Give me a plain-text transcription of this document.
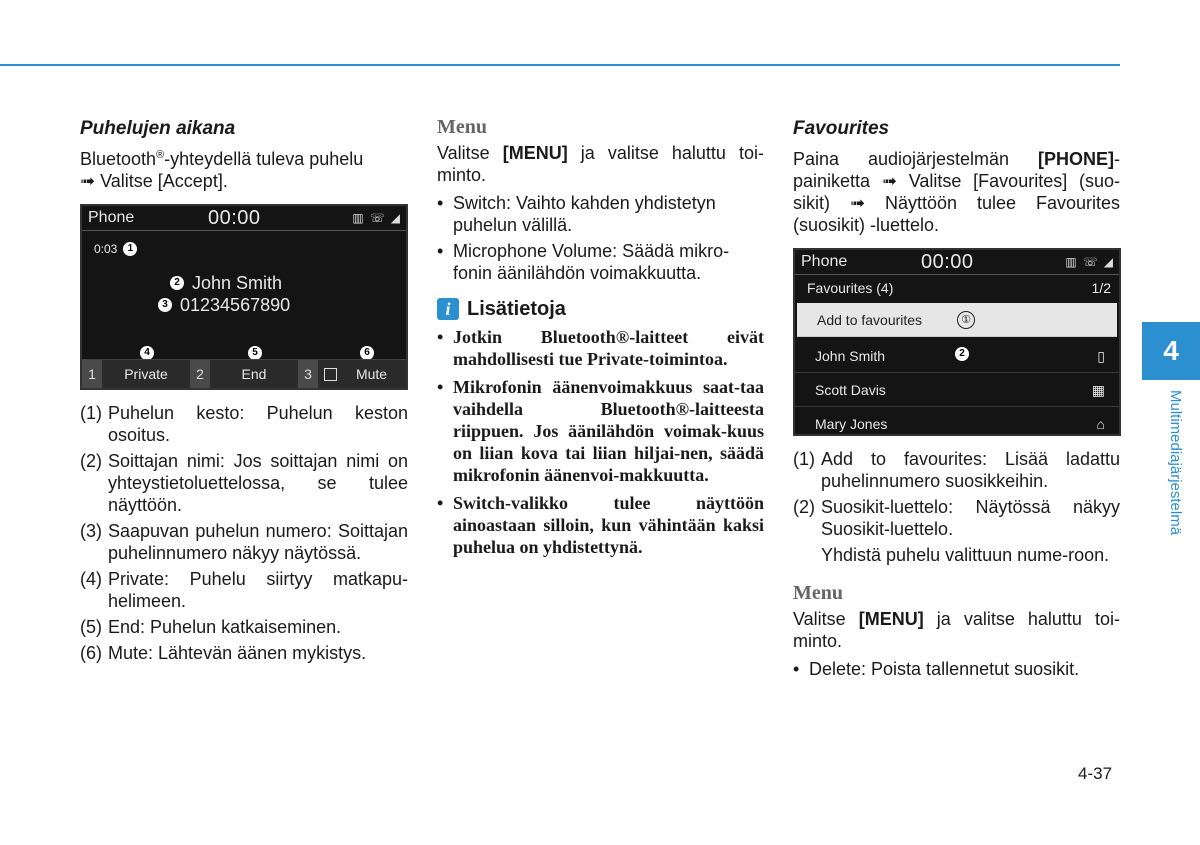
Puhelujen aikana

Bluetooth®-yhteydellä tuleva puhelu
➟ Valitse [Accept].

Phone	00:00	▥ ☏ ◢
0:03	1
2 John Smith
3 01234567890
4	5	6
1	Private	2	End	3	Mute
(1) Puhelun kesto: Puhelun keston osoitus.
(2) Soittajan nimi: Jos soittajan nimi on yhteystietoluettelossa, se tulee näyttöön.
(3) Saapuvan puhelun numero: Soittajan puhelinnumero näkyy näytössä.
(4) Private: Puhelu siirtyy matkapu-helimeen.
(5) End: Puhelun katkaiseminen.
(6) Mute: Lähtevän äänen mykistys.
Menu

Valitse [MENU] ja valitse haluttu toi-minto.

• Switch: Vaihto kahden yhdistetyn puhelun välillä.
• Microphone Volume: Säädä mikro-fonin äänilähdön voimakkuutta.
i Lisätietoja
• Jotkin Bluetooth®-laitteet eivät mahdollisesti tue Private-toimintoa.
• Mikrofonin äänenvoimakkuus saat-taa vaihdella Bluetooth®-laitteesta riippuen. Jos äänilähdön voimak-kuus on liian kova tai liian hiljai-nen, säädä mikrofonin äänenvoi-makkuutta.
• Switch-valikko tulee näyttöön ainoastaan silloin, kun vähintään kaksi puhelua on yhdistettynä.
Favourites

Paina audiojärjestelmän [PHONE]-painiketta ➟ Valitse [Favourites] (suo-sikit) ➟ Näyttöön tulee Favourites (suosikit) -luettelo.

Phone	00:00	▥ ☏ ◢
Favourites (4)	1/2
Add to favourites	①
John Smith	2	▯
Scott Davis	▦
Mary Jones	⌂
(1) Add to favourites: Lisää ladattu puhelinnumero suosikkeihin.
(2) Suosikit-luettelo: Näytössä näkyy Suosikit-luettelo.
Yhdistä puhelu valittuun nume-roon.
Menu

Valitse [MENU] ja valitse haluttu toi-minto.

• Delete: Poista tallennetut suosikit.
4
Multimediajärjestelmä
4-37
